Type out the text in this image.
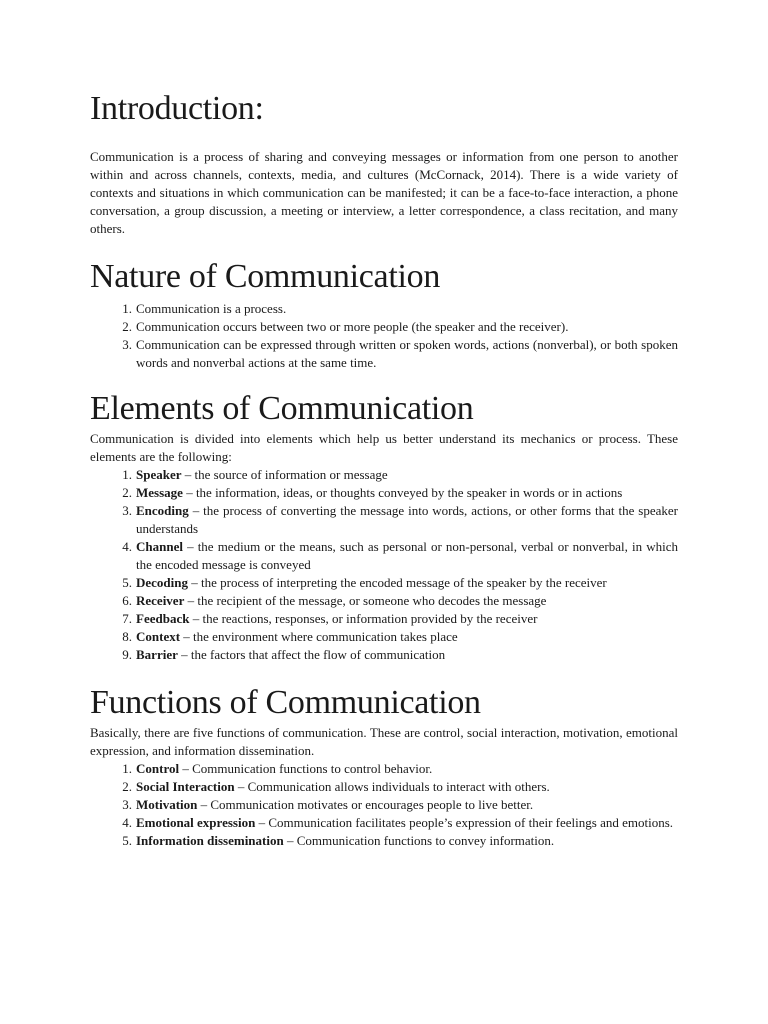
Introduction:

Communication is a process of sharing and conveying messages or information from one person to another within and across channels, contexts, media, and cultures (McCornack, 2014). There is a wide variety of contexts and situations in which communication can be manifested; it can be a face-to-face interaction, a phone conversation, a group discussion, a meeting or interview, a letter correspondence, a class recitation, and many others.

Nature of Communication
1. Communication is a process.
2. Communication occurs between two or more people (the speaker and the receiver).
3. Communication can be expressed through written or spoken words, actions (nonverbal), or both spoken words and nonverbal actions at the same time.
Elements of Communication

Communication is divided into elements which help us better understand its mechanics or process. These elements are the following:

1. Speaker – the source of information or message
2. Message – the information, ideas, or thoughts conveyed by the speaker in words or in actions
3. Encoding – the process of converting the message into words, actions, or other forms that the speaker understands
4. Channel – the medium or the means, such as personal or non-personal, verbal or nonverbal, in which the encoded message is conveyed
5. Decoding – the process of interpreting the encoded message of the speaker by the receiver
6. Receiver – the recipient of the message, or someone who decodes the message
7. Feedback – the reactions, responses, or information provided by the receiver
8. Context – the environment where communication takes place
9. Barrier – the factors that affect the flow of communication
Functions of Communication

Basically, there are five functions of communication. These are control, social interaction, motivation, emotional expression, and information dissemination.

1. Control – Communication functions to control behavior.
2. Social Interaction – Communication allows individuals to interact with others.
3. Motivation – Communication motivates or encourages people to live better.
4. Emotional expression – Communication facilitates people’s expression of their feelings and emotions.
5. Information dissemination – Communication functions to convey information.
